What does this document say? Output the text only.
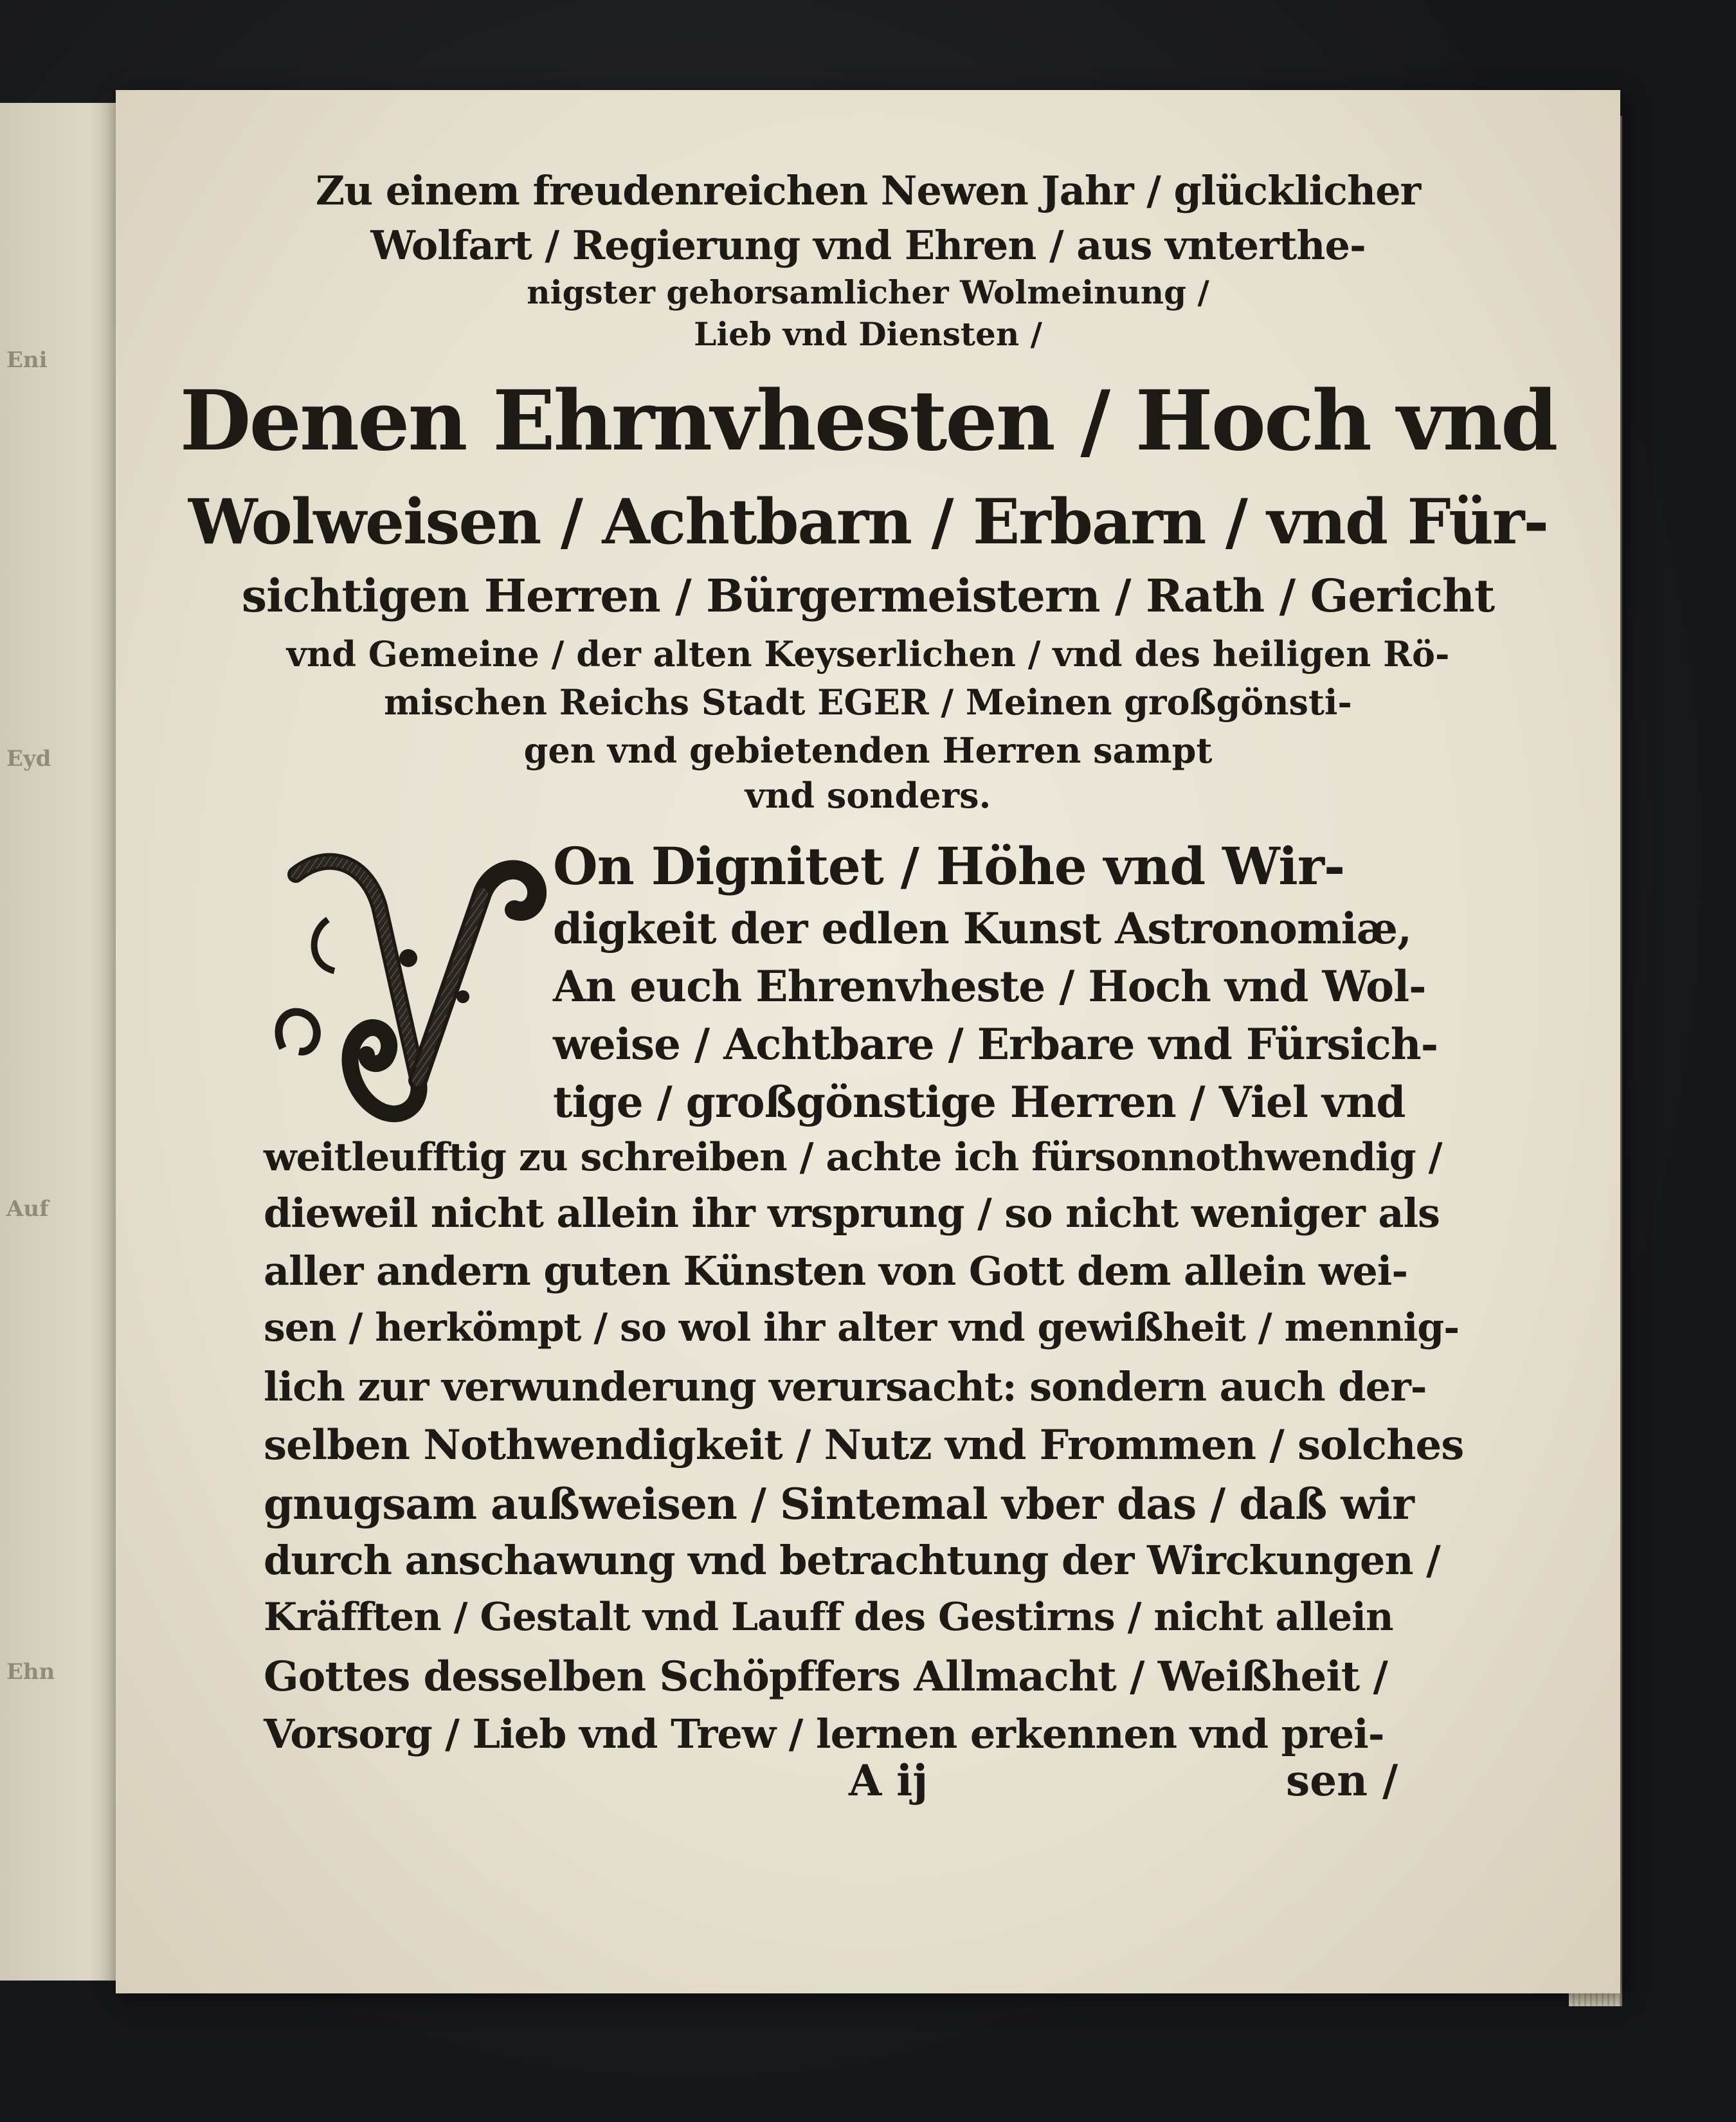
Eni
Eyd
Auf
Ehn
Zu einem freudenreichen Newen Jahr / glücklicher
Wolfart / Regierung vnd Ehren / aus vnterthe-
nigster gehorsamlicher Wolmeinung /
Lieb vnd Diensten /
Denen Ehrnvhesten / Hoch vnd
Wolweisen / Achtbarn / Erbarn / vnd Für-
sichtigen Herren / Bürgermeistern / Rath / Gericht
vnd Gemeine / der alten Keyserlichen / vnd des heiligen Rö-
mischen Reichs Stadt EGER / Meinen großgönsti-
gen vnd gebietenden Herren sampt
vnd sonders.
On Dignitet / Höhe vnd Wir-
digkeit der edlen Kunst Astronomiæ,
An euch Ehrenvheste / Hoch vnd Wol-
weise / Achtbare / Erbare vnd Fürsich-
tige / großgönstige Herren / Viel vnd
weitleufftig zu schreiben / achte ich fürsonnothwendig /
dieweil nicht allein ihr vrsprung / so nicht weniger als
aller andern guten Künsten von Gott dem allein wei-
sen / herkömpt / so wol ihr alter vnd gewißheit / mennig-
lich zur verwunderung verursacht: sondern auch der-
selben Nothwendigkeit / Nutz vnd Frommen / solches
gnugsam außweisen / Sintemal vber das / daß wir
durch anschawung vnd betrachtung der Wirckungen /
Kräfften / Gestalt vnd Lauff des Gestirns / nicht allein
Gottes desselben Schöpffers Allmacht / Weißheit /
Vorsorg / Lieb vnd Trew / lernen erkennen vnd prei-
A ij	sen /
